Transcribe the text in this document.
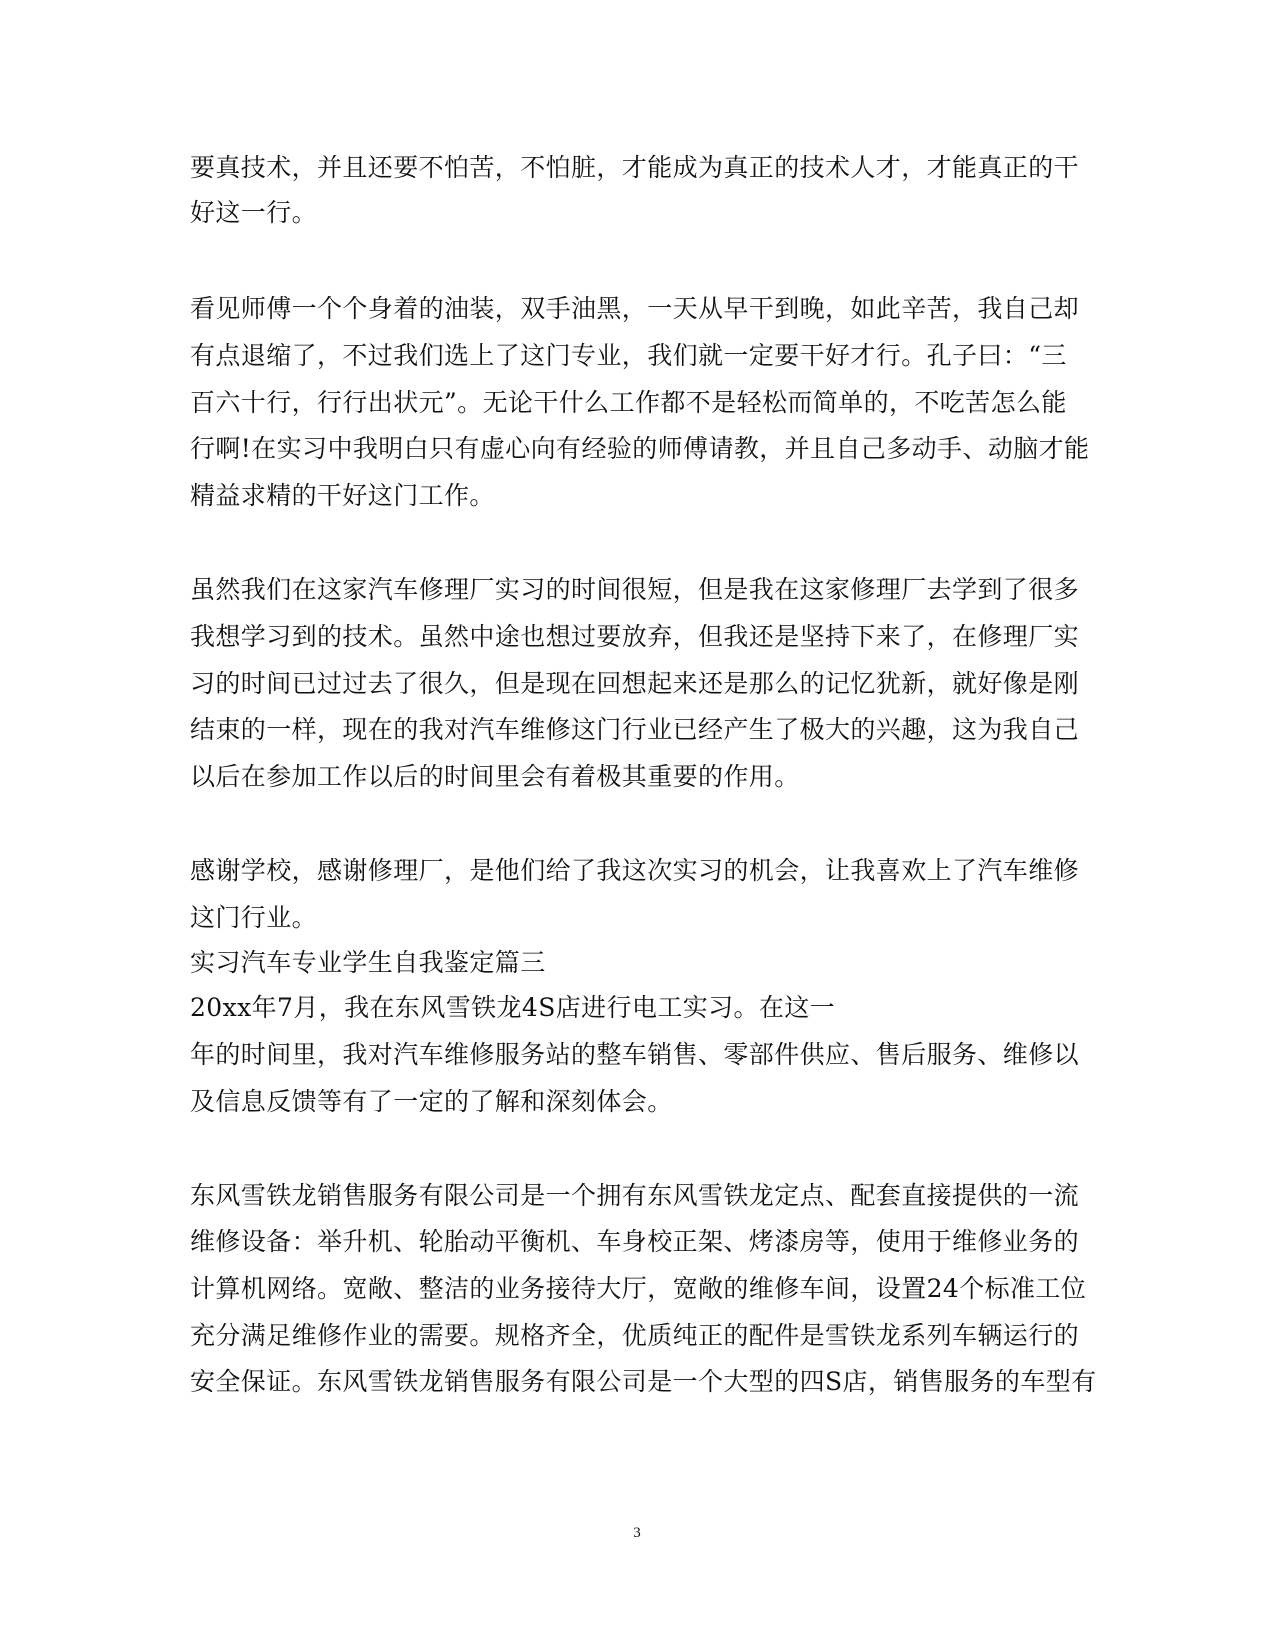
要真技术，并且还要不怕苦，不怕脏，才能成为真正的技术人才，才能真正的干
好这一行。
看见师傅一个个身着的油装，双手油黑，一天从早干到晚，如此辛苦，我自己却
有点退缩了，不过我们选上了这门专业，我们就一定要干好才行。孔子曰：“三
百六十行，行行出状元”。无论干什么工作都不是轻松而简单的，不吃苦怎么能
行啊!在实习中我明白只有虚心向有经验的师傅请教，并且自己多动手、动脑才能
精益求精的干好这门工作。
虽然我们在这家汽车修理厂实习的时间很短，但是我在这家修理厂去学到了很多
我想学习到的技术。虽然中途也想过要放弃，但我还是坚持下来了，在修理厂实
习的时间已过过去了很久，但是现在回想起来还是那么的记忆犹新，就好像是刚
结束的一样，现在的我对汽车维修这门行业已经产生了极大的兴趣，这为我自己
以后在参加工作以后的时间里会有着极其重要的作用。
感谢学校，感谢修理厂，是他们给了我这次实习的机会，让我喜欢上了汽车维修
这门行业。
实习汽车专业学生自我鉴定篇三
20xx年7月，我在东风雪铁龙4S店进行电工实习。在这一
年的时间里，我对汽车维修服务站的整车销售、零部件供应、售后服务、维修以
及信息反馈等有了一定的了解和深刻体会。
东风雪铁龙销售服务有限公司是一个拥有东风雪铁龙定点、配套直接提供的一流
维修设备：举升机、轮胎动平衡机、车身校正架、烤漆房等，使用于维修业务的
计算机网络。宽敞、整洁的业务接待大厅，宽敞的维修车间，设置24个标准工位
充分满足维修作业的需要。规格齐全，优质纯正的配件是雪铁龙系列车辆运行的
安全保证。东风雪铁龙销售服务有限公司是一个大型的四S店，销售服务的车型有
3
